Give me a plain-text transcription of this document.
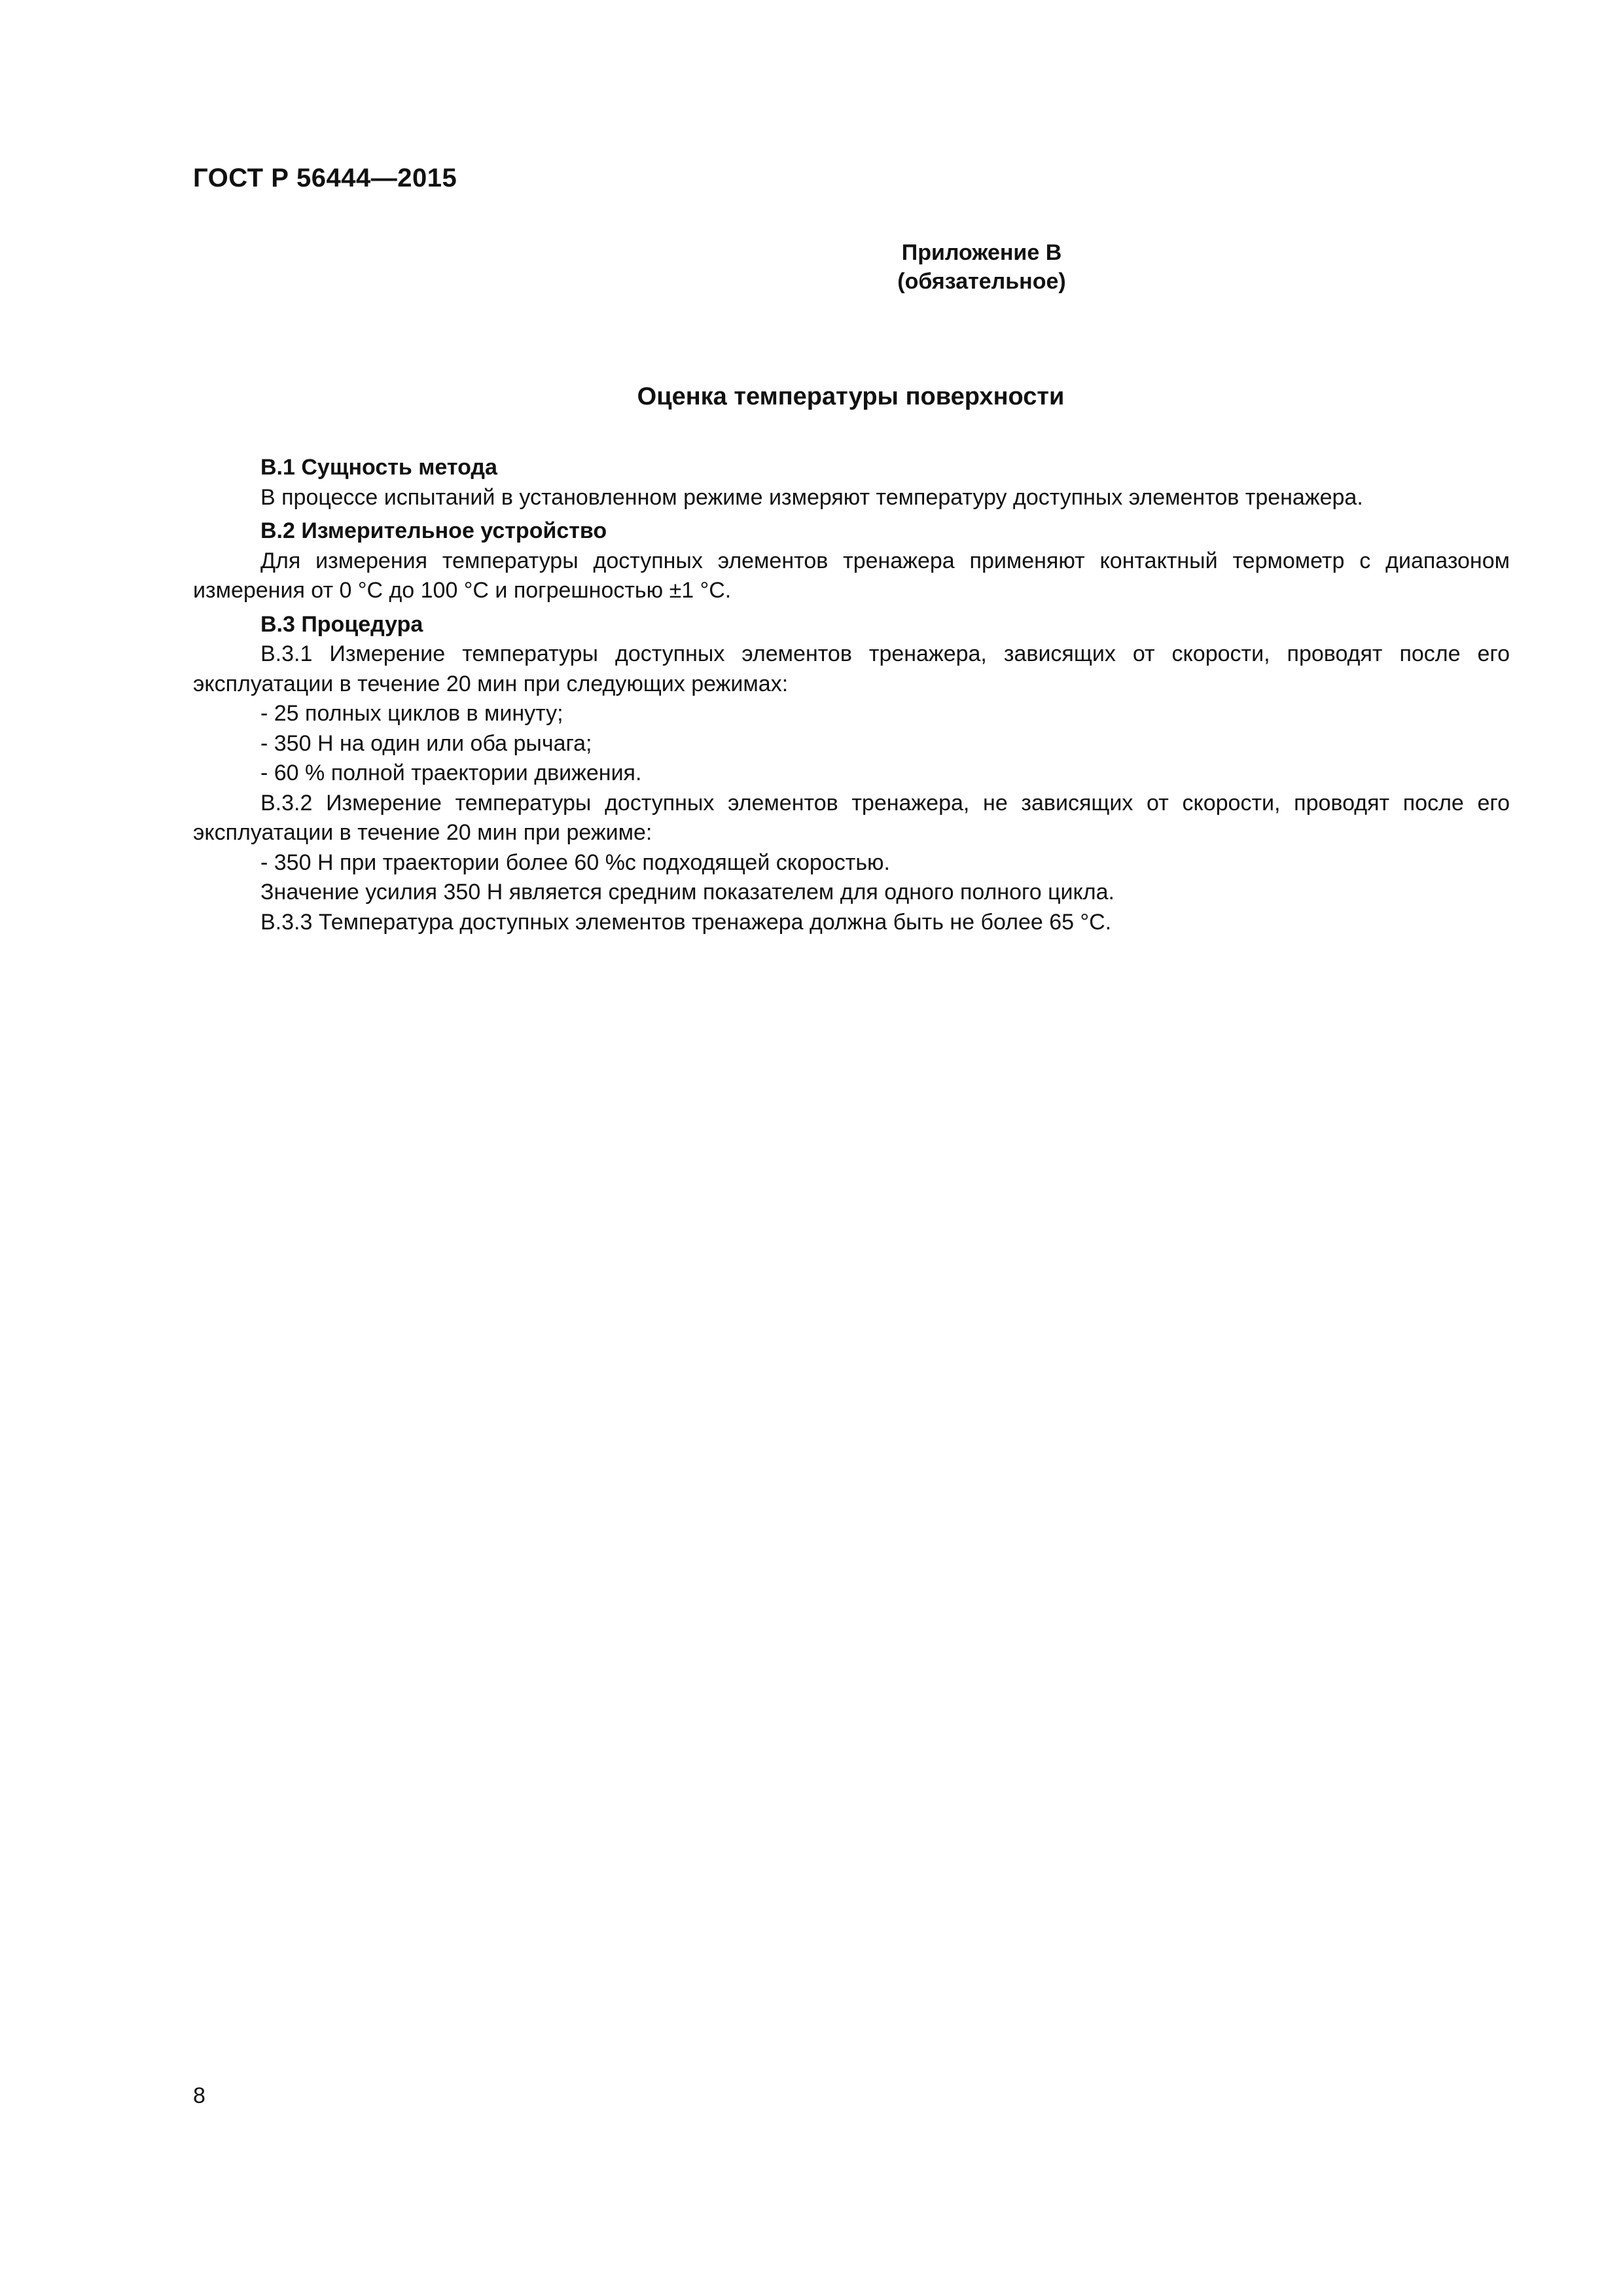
ГОСТ Р 56444—2015
Приложение В
(обязательное)
Оценка температуры поверхности

В.1 Сущность метода

В процессе испытаний в установленном режиме измеряют температуру доступных элементов тренажера.

В.2 Измерительное устройство

Для измерения температуры доступных элементов тренажера применяют контактный термометр с диапазоном измерения от 0 °С до 100 °С и погрешностью ±1 °С.

В.3 Процедура

В.3.1 Измерение температуры доступных элементов тренажера, зависящих от скорости, проводят после его эксплуатации в течение 20 мин при следующих режимах:

- 25 полных циклов в минуту;

- 350 Н на один или оба рычага;

- 60 % полной траектории движения.

В.3.2 Измерение температуры доступных элементов тренажера, не зависящих от скорости, проводят после его эксплуатации в течение 20 мин при режиме:

- 350 Н при траектории более 60 %с подходящей скоростью.

Значение усилия 350 Н является средним показателем для одного полного цикла.

В.3.3 Температура доступных элементов тренажера должна быть не более 65 °С.

8
